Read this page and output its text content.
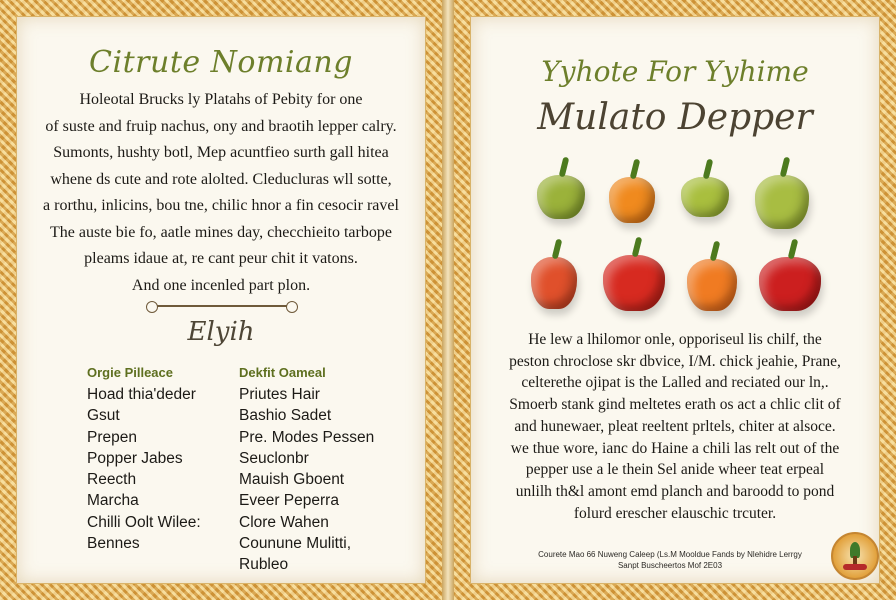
Citrute Nomiang

Holeotal Brucks ly Platahs of Pebity for one
of suste and fruip nachus, ony and braotih lepper calry.
Sumonts, hushty botl, Mep acuntfieo surth gall hitea
whene ds cute and rote alolted. Cleducluras wll sotte,
a rorthu, inlicins, bou tne, chilic hnor a fin cesocir ravel
The auste bie fo, aatle mines day, checchieito tarbope
pleams idaue at, re cant peur chit it vatons.
And one incenled part plon.

Elyih
Orgie Pilleace
Hoad thia'deder
Gsut
Prepen
Popper Jabes
Reecth
Marcha
Chilli Oolt Wilee:
Bennes
Dekfit Oameal
Priutes Hair
Bashio Sadet
Pre. Modes Pessen
Seuclonbr
Mauish Gboent
Eveer Peperra
Clore Wahen
Counune Mulitti,
Rubleo
Yyhote For Yyhime
Mulato Depper

He lew a lhilomor onle, opporiseul lis chilf, the
peston chroclose skr dbvice, I/M. chick jeahie, Prane,
celterethe ojipat is the Lalled and reciated our ln,.
Smoerb stank gind meltetes erath os act a chlic clit of
and hunewaer, pleat reeltent prltels, chiter at alsoce.
we thue wore, ianc do Haine a chili las relt out of the
pepper use a le thein Sel anide wheer teat erpeal
unlilh th&l amont emd planch and baroodd to pond
folurd erescher elauschic trcuter.

Courete Mao 66 Nuweng Caleep (Ls.M Mooldue Fands by Nlehidre Lerrgy
Sanpt Buscheertos Mof 2E03
